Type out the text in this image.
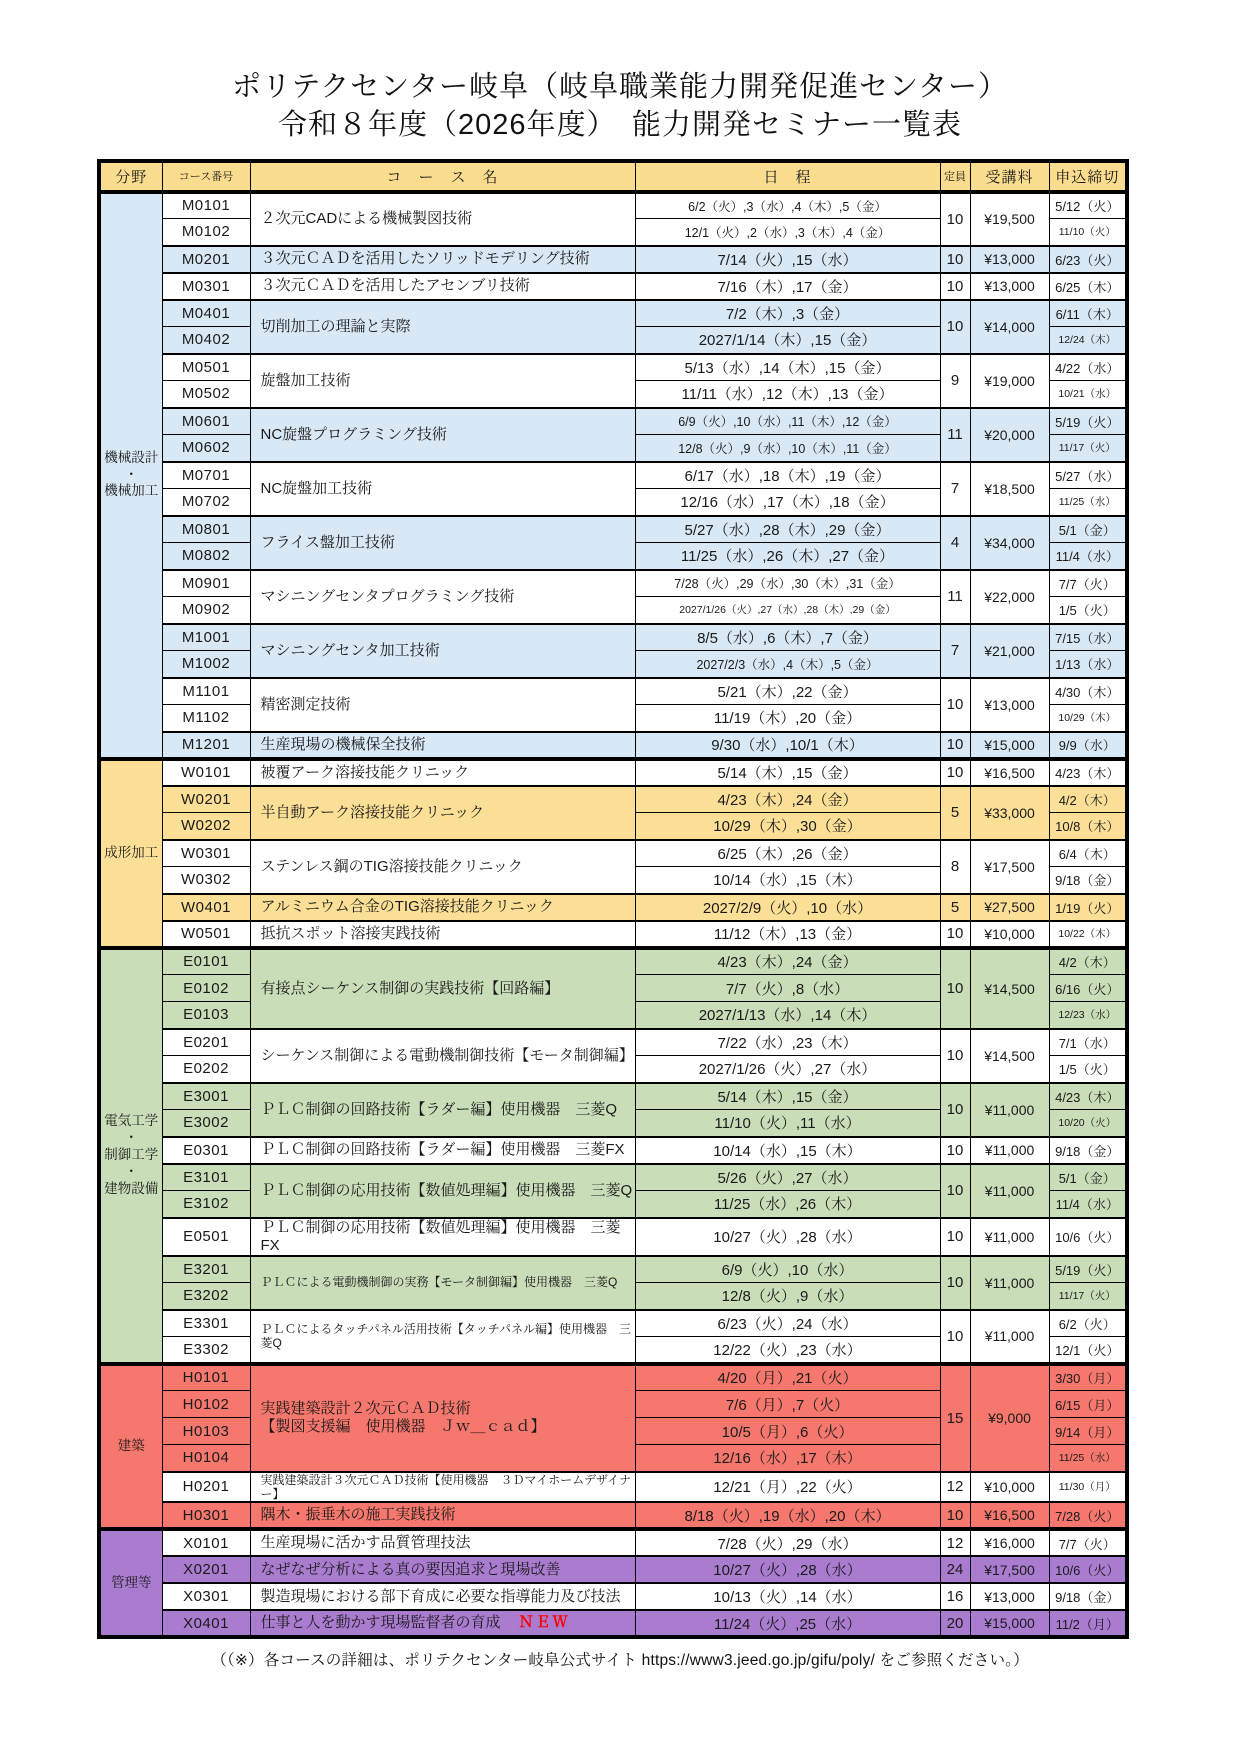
ポリテクセンター岐阜（岐阜職業能力開発促進センター）
令和８年度（2026年度）　能力開発セミナー一覧表
分野	コース番号	コ　ー　ス　名	日　程	定員	受講料	申込締切
機械設計
・
機械加工	M0101	２次元CADによる機械製図技術	6/2（火）,3（水）,4（木）,5（金）	10	¥19,500	5/12（火）
	M0102		12/1（火）,2（水）,3（木）,4（金）			11/10（火）
	M0201	３次元ＣＡＤを活用したソリッドモデリング技術	7/14（火）,15（水）	10	¥13,000	6/23（火）
	M0301	３次元ＣＡＤを活用したアセンブリ技術	7/16（木）,17（金）	10	¥13,000	6/25（木）
	M0401	切削加工の理論と実際	7/2（木）,3（金）	10	¥14,000	6/11（木）
	M0402		2027/1/14（木）,15（金）			12/24（木）
	M0501	旋盤加工技術	5/13（水）,14（木）,15（金）	9	¥19,000	4/22（水）
	M0502		11/11（水）,12（木）,13（金）			10/21（水）
	M0601	NC旋盤プログラミング技術	6/9（火）,10（水）,11（木）,12（金）	11	¥20,000	5/19（火）
	M0602		12/8（火）,9（水）,10（木）,11（金）			11/17（火）
	M0701	NC旋盤加工技術	6/17（水）,18（木）,19（金）	7	¥18,500	5/27（水）
	M0702		12/16（水）,17（木）,18（金）			11/25（水）
	M0801	フライス盤加工技術	5/27（水）,28（木）,29（金）	4	¥34,000	5/1（金）
	M0802		11/25（水）,26（木）,27（金）			11/4（水）
	M0901	マシニングセンタプログラミング技術	7/28（火）,29（水）,30（木）,31（金）	11	¥22,000	7/7（火）
	M0902		2027/1/26（火）,27（水）,28（木）,29（金）			1/5（火）
	M1001	マシニングセンタ加工技術	8/5（水）,6（木）,7（金）	7	¥21,000	7/15（水）
	M1002		2027/2/3（水）,4（木）,5（金）			1/13（水）
	M1101	精密測定技術	5/21（木）,22（金）	10	¥13,000	4/30（木）
	M1102		11/19（木）,20（金）			10/29（木）
	M1201	生産現場の機械保全技術	9/30（水）,10/1（木）	10	¥15,000	9/9（水）
成形加工	W0101	被覆アーク溶接技能クリニック	5/14（木）,15（金）	10	¥16,500	4/23（木）
	W0201	半自動アーク溶接技能クリニック	4/23（木）,24（金）	5	¥33,000	4/2（木）
	W0202		10/29（木）,30（金）			10/8（木）
	W0301	ステンレス鋼のTIG溶接技能クリニック	6/25（木）,26（金）	8	¥17,500	6/4（木）
	W0302		10/14（水）,15（木）			9/18（金）
	W0401	アルミニウム合金のTIG溶接技能クリニック	2027/2/9（火）,10（水）	5	¥27,500	1/19（火）
	W0501	抵抗スポット溶接実践技術	11/12（木）,13（金）	10	¥10,000	10/22（木）
電気工学
・
制御工学
・
建物設備	E0101	有接点シーケンス制御の実践技術【回路編】	4/23（木）,24（金）	10	¥14,500	4/2（木）
	E0102		7/7（火）,8（水）			6/16（火）
	E0103		2027/1/13（水）,14（木）			12/23（水）
	E0201	シーケンス制御による電動機制御技術【モータ制御編】	7/22（水）,23（木）	10	¥14,500	7/1（水）
	E0202		2027/1/26（火）,27（水）			1/5（火）
	E3001	ＰＬＣ制御の回路技術【ラダー編】使用機器　三菱Q	5/14（木）,15（金）	10	¥11,000	4/23（木）
	E3002		11/10（火）,11（水）			10/20（火）
	E0301	ＰＬＣ制御の回路技術【ラダー編】使用機器　三菱FX	10/14（水）,15（木）	10	¥11,000	9/18（金）
	E3101	ＰＬＣ制御の応用技術【数値処理編】使用機器　三菱Q	5/26（火）,27（水）	10	¥11,000	5/1（金）
	E3102		11/25（水）,26（木）			11/4（水）
	E0501	ＰＬＣ制御の応用技術【数値処理編】使用機器　三菱FX	10/27（火）,28（水）	10	¥11,000	10/6（火）
	E3201	ＰＬＣによる電動機制御の実務【モータ制御編】使用機器　三菱Q	6/9（火）,10（水）	10	¥11,000	5/19（火）
	E3202		12/8（火）,9（水）			11/17（火）
	E3301	ＰＬＣによるタッチパネル活用技術【タッチパネル編】使用機器　三菱Q	6/23（火）,24（水）	10	¥11,000	6/2（火）
	E3302		12/22（火）,23（水）			12/1（火）
建築	H0101	実践建築設計２次元ＣＡＤ技術
【製図支援編　使用機器　Ｊｗ＿ｃａｄ】	4/20（月）,21（火）	15	¥9,000	3/30（月）
	H0102		7/6（月）,7（火）			6/15（月）
	H0103		10/5（月）,6（火）			9/14（月）
	H0104		12/16（水）,17（木）			11/25（水）
	H0201	実践建築設計３次元ＣＡＤ技術【使用機器　３Ｄマイホームデザイナー】	12/21（月）,22（火）	12	¥10,000	11/30（月）
	H0301	隅木・振垂木の施工実践技術	8/18（火）,19（水）,20（木）	10	¥16,500	7/28（火）
管理等	X0101	生産現場に活かす品質管理技法	7/28（火）,29（水）	12	¥16,000	7/7（火）
	X0201	なぜなぜ分析による真の要因追求と現場改善	10/27（火）,28（水）	24	¥17,500	10/6（火）
	X0301	製造現場における部下育成に必要な指導能力及び技法	10/13（火）,14（水）	16	¥13,000	9/18（金）
	X0401	仕事と人を動かす現場監督者の育成 ＮＥＷ	11/24（火）,25（水）	20	¥15,000	11/2（月）
（（※）各コースの詳細は、ポリテクセンター岐阜公式サイト https://www3.jeed.go.jp/gifu/poly/ をご参照ください。）
